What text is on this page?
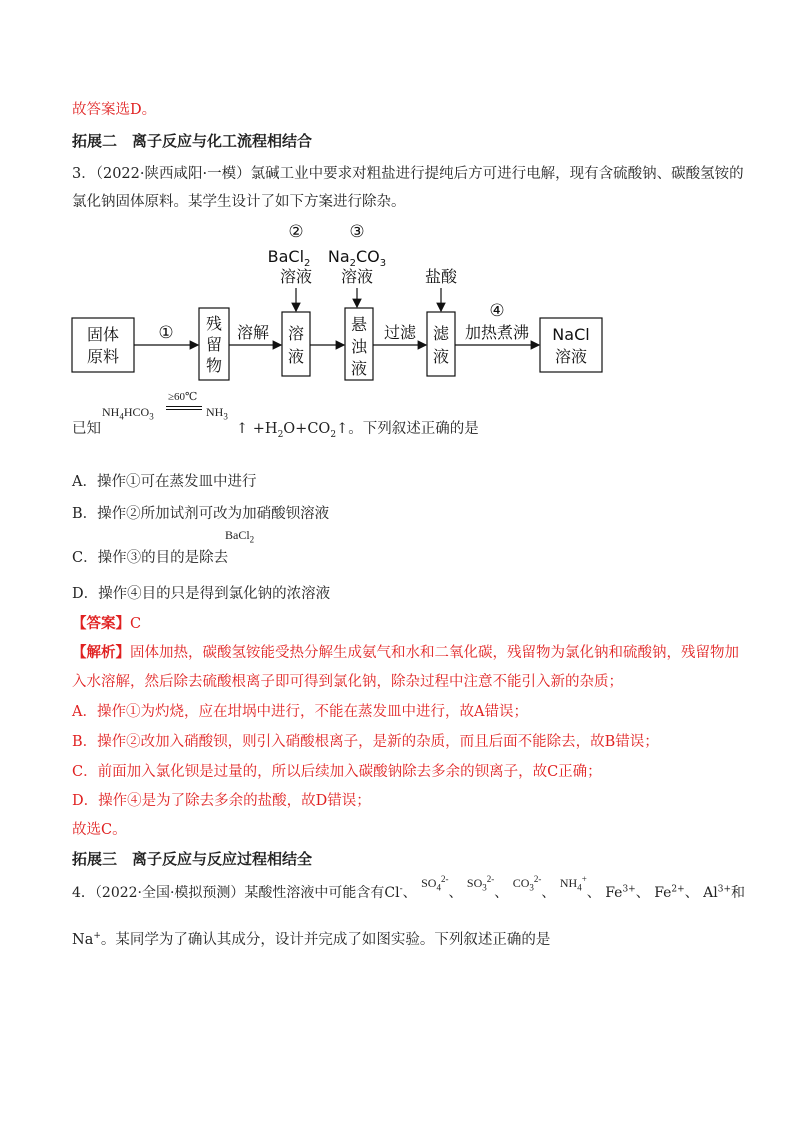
故答案选D。
拓展二　离子反应与化工流程相结合
3．（2022·陕西咸阳·一模）氯碱工业中要求对粗盐进行提纯后方可进行电解，现有含硫酸钠、碳酸氢铵的
氯化钠固体原料。某学生设计了如下方案进行除杂。
固体
原料
① 残
留
物
溶解 溶
液
②
BaCl$_2$
溶液
③
$Na_2CO_3$
溶液
悬
浊
液
过滤
盐酸
滤
液
④
加热煮沸 NaCl
溶液
已知
$NH_4HCO_3$
≥60℃
$NH_3$
↑ $+H_2O+CO_2↑$。下列叙述正确的是
A．操作①可在蒸发皿中进行
B．操作②所加试剂可改为加硝酸钡溶液
C．操作③的目的是除去
BaCl$_2$
D．操作④目的只是得到氯化钠的浓溶液
【答案】C
【解析】固体加热，碳酸氢铵能受热分解生成氨气和水和二氧化碳，残留物为氯化钠和硫酸钠，残留物加
入水溶解，然后除去硫酸根离子即可得到氯化钠，除杂过程中注意不能引入新的杂质；
A．操作①为灼烧，应在坩埚中进行，不能在蒸发皿中进行，故A错误；
B．操作②改加入硝酸钡，则引入硝酸根离子，是新的杂质，而且后面不能除去，故B错误；
C．前面加入氯化钡是过量的，所以后续加入碳酸钠除去多余的钡离子，故C正确；
D．操作④是为了除去多余的盐酸，故D错误；
故选C。
拓展三　离子反应与反应过程相结全
4．（2022·全国·模拟预测）某酸性溶液中可能含有Cl-、 $SO_4^{2-}$、 $SO_3^{2-}$、 $CO_3^{2-}$、 $NH_4^+$、 $Fe^{3+}$、 $Fe^{2+}$、 $Al^{3+}$和
Na+。某同学为了确认其成分，设计并完成了如图实验。下列叙述正确的是
